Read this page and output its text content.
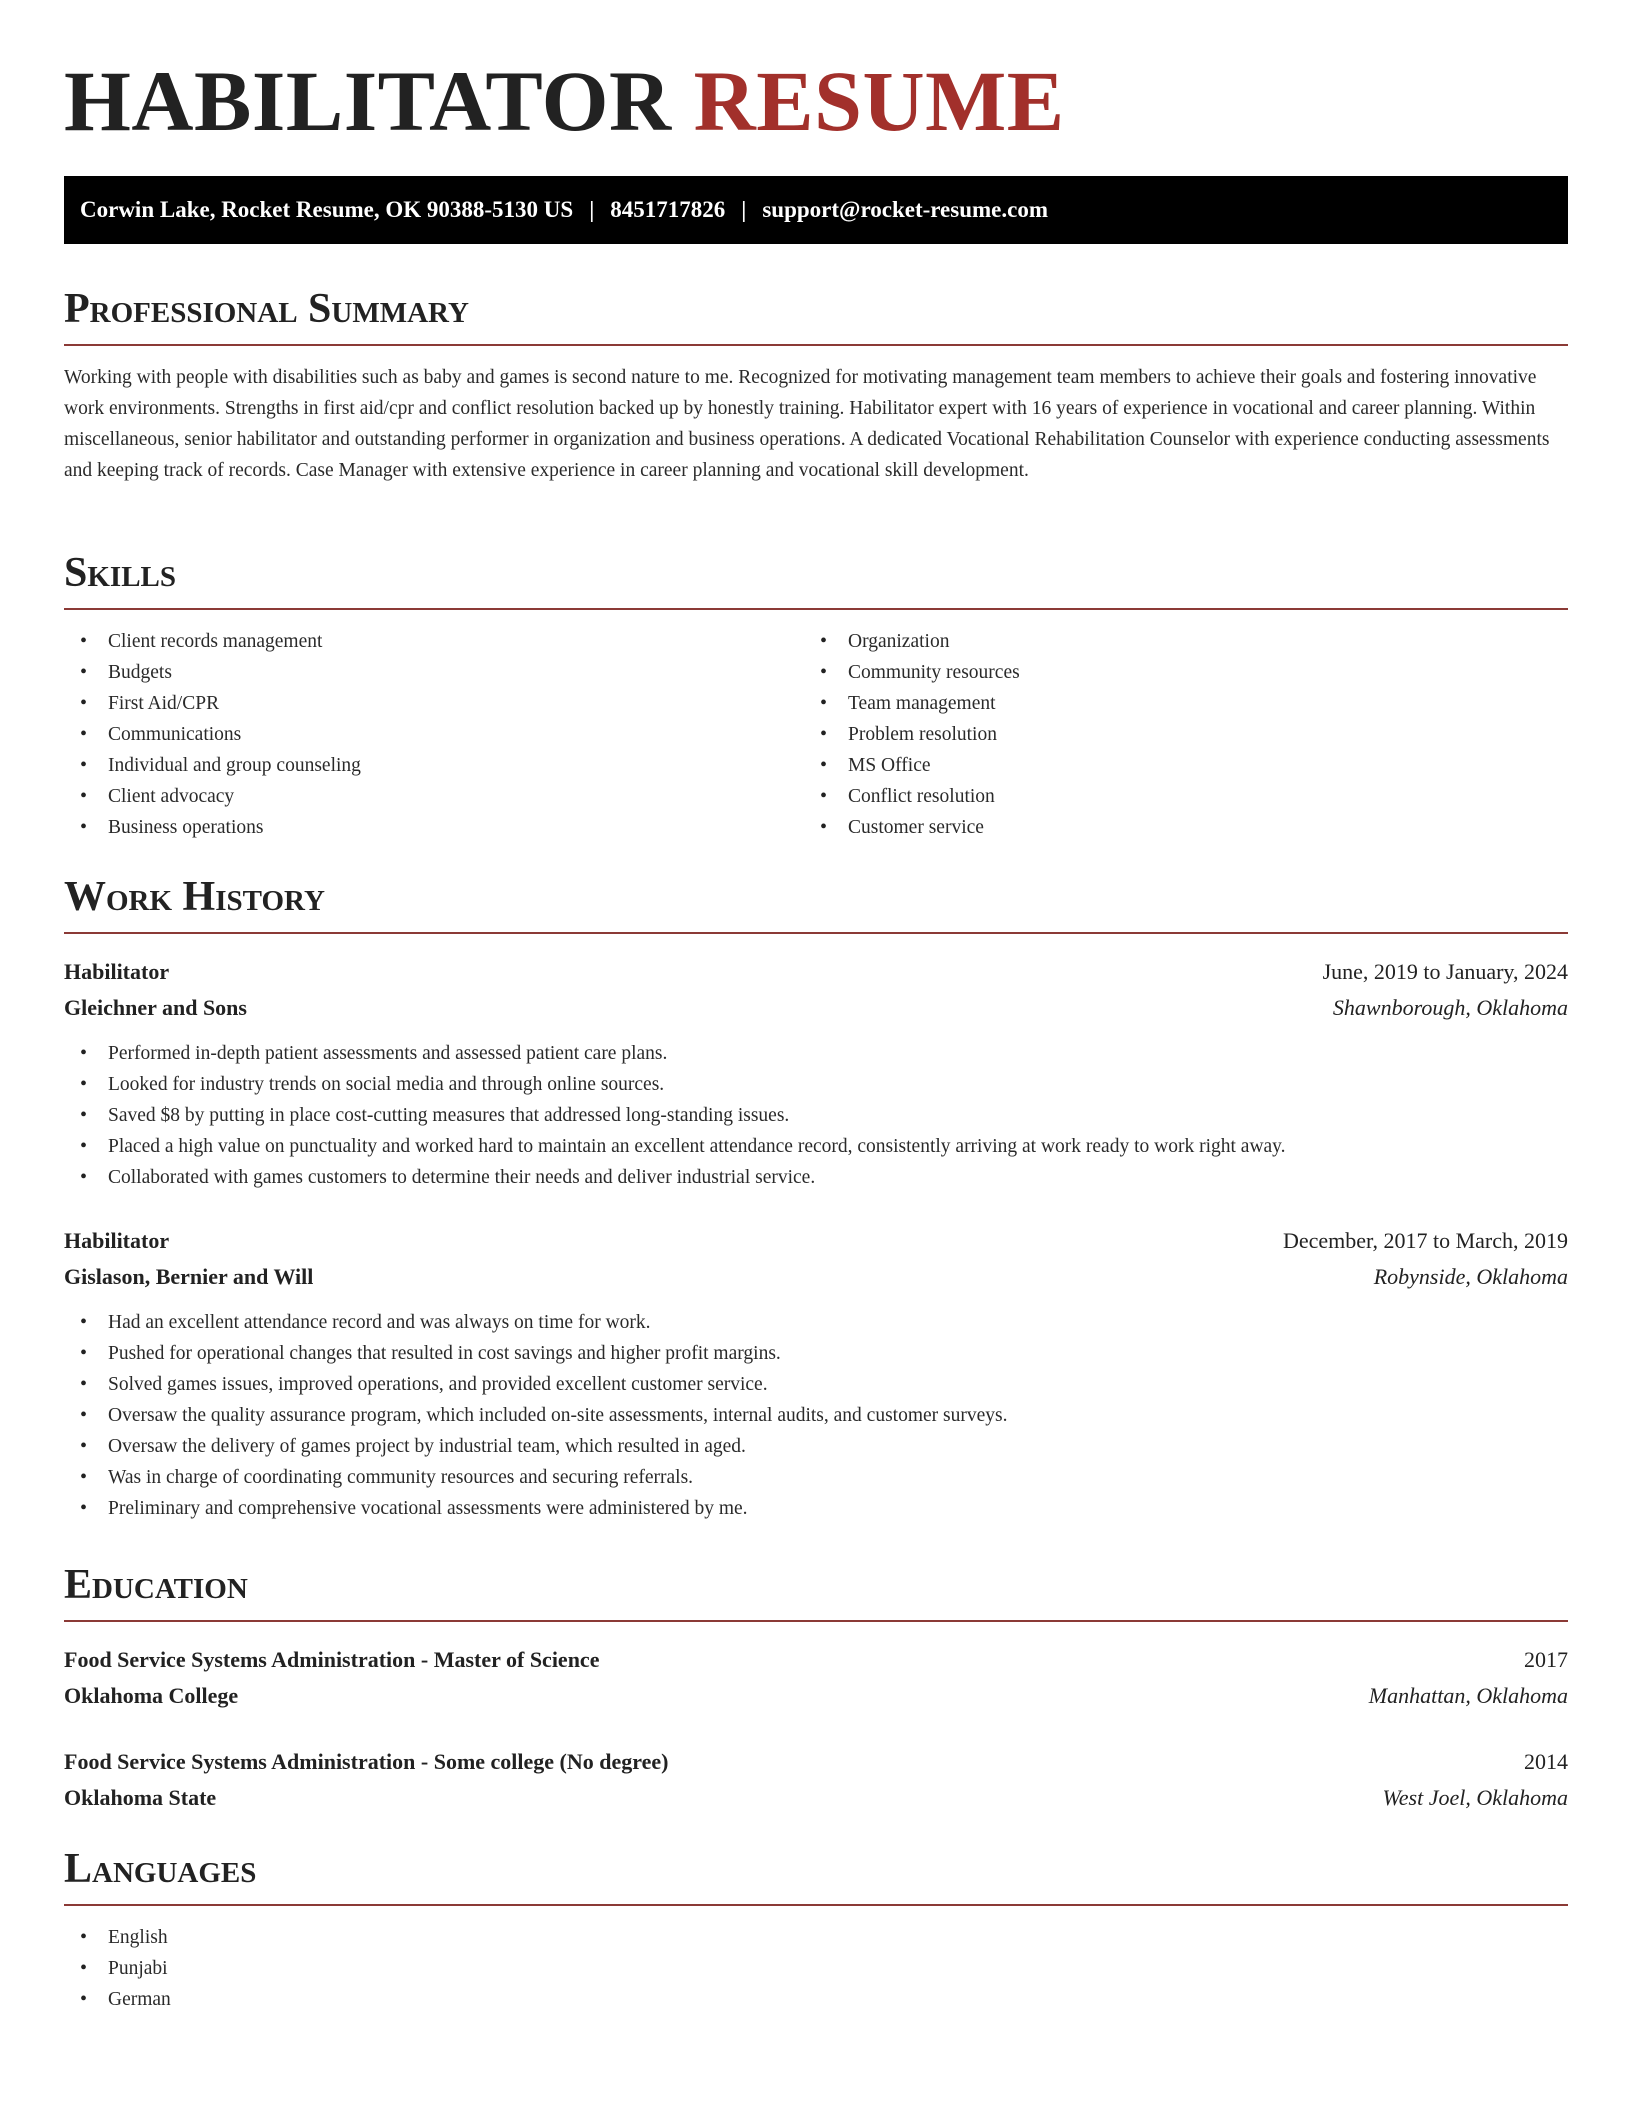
HABILITATOR RESUME
Corwin Lake, Rocket Resume, OK 90388-5130 US | 8451717826 | support@rocket-resume.com
Professional Summary

Working with people with disabilities such as baby and games is second nature to me. Recognized for motivating management team members to achieve their goals and fostering innovative work environments. Strengths in first aid/cpr and conflict resolution backed up by honestly training. Habilitator expert with 16 years of experience in vocational and career planning. Within miscellaneous, senior habilitator and outstanding performer in organization and business operations. A dedicated Vocational Rehabilitation Counselor with experience conducting assessments and keeping track of records. Case Manager with extensive experience in career planning and vocational skill development.

Skills
• Client records management
• Budgets
• First Aid/CPR
• Communications
• Individual and group counseling
• Client advocacy
• Business operations
• Organization
• Community resources
• Team management
• Problem resolution
• MS Office
• Conflict resolution
• Customer service
Work History
Habilitator	June, 2019 to January, 2024
Gleichner and Sons	Shawnborough, Oklahoma
• Performed in-depth patient assessments and assessed patient care plans.
• Looked for industry trends on social media and through online sources.
• Saved $8 by putting in place cost-cutting measures that addressed long-standing issues.
• Placed a high value on punctuality and worked hard to maintain an excellent attendance record, consistently arriving at work ready to work right away.
• Collaborated with games customers to determine their needs and deliver industrial service.
Habilitator	December, 2017 to March, 2019
Gislason, Bernier and Will	Robynside, Oklahoma
• Had an excellent attendance record and was always on time for work.
• Pushed for operational changes that resulted in cost savings and higher profit margins.
• Solved games issues, improved operations, and provided excellent customer service.
• Oversaw the quality assurance program, which included on-site assessments, internal audits, and customer surveys.
• Oversaw the delivery of games project by industrial team, which resulted in aged.
• Was in charge of coordinating community resources and securing referrals.
• Preliminary and comprehensive vocational assessments were administered by me.
Education
Food Service Systems Administration - Master of Science	2017
Oklahoma College	Manhattan, Oklahoma
Food Service Systems Administration - Some college (No degree)	2014
Oklahoma State	West Joel, Oklahoma
Languages
• English
• Punjabi
• German
